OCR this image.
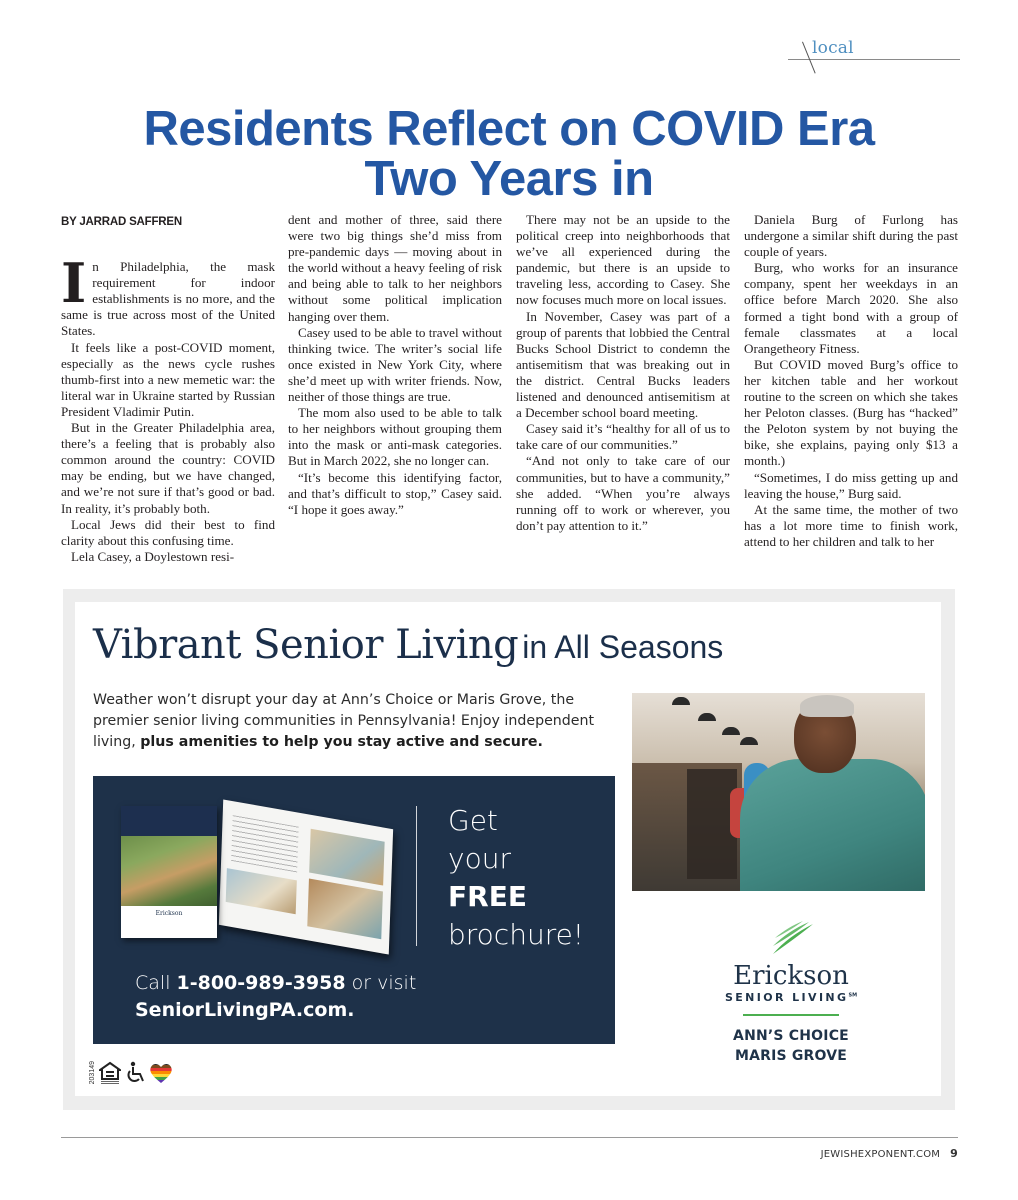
local
Residents Reflect on COVID Era
Two Years in
BY JARRAD SAFFREN

In Philadelphia, the mask requirement for indoor establishments is no more, and the same is true across most of the United States.

It feels like a post-COVID moment, especially as the news cycle rushes thumb-first into a new memetic war: the literal war in Ukraine started by Russian President Vladimir Putin.

But in the Greater Philadelphia area, there’s a feeling that is probably also common around the country: COVID may be ending, but we have changed, and we’re not sure if that’s good or bad. In reality, it’s probably both.

Local Jews did their best to find clarity about this confusing time.

Lela Casey, a Doylestown resi-

dent and mother of three, said there were two big things she’d miss from pre-pandemic days — moving about in the world without a heavy feeling of risk and being able to talk to her neighbors without some political implication hanging over them.

Casey used to be able to travel without thinking twice. The writer’s social life once existed in New York City, where she’d meet up with writer friends. Now, neither of those things are true.

The mom also used to be able to talk to her neighbors without grouping them into the mask or anti-mask categories. But in March 2022, she no longer can.

“It’s become this identifying factor, and that’s difficult to stop,” Casey said. “I hope it goes away.”

There may not be an upside to the political creep into neighborhoods that we’ve all experienced during the pandemic, but there is an upside to traveling less, according to Casey. She now focuses much more on local issues.

In November, Casey was part of a group of parents that lobbied the Central Bucks School District to condemn the antisemitism that was breaking out in the district. Central Bucks leaders listened and denounced antisemitism at a December school board meeting.

Casey said it’s “healthy for all of us to take care of our communities.”

“And not only to take care of our communities, but to have a community,” she added. “When you’re always running off to work or wherever, you don’t pay attention to it.”

Daniela Burg of Furlong has undergone a similar shift during the past couple of years.

Burg, who works for an insurance company, spent her weekdays in an office before March 2020. She also formed a tight bond with a group of female classmates at a local Orangetheory Fitness.

But COVID moved Burg’s office to her kitchen table and her workout routine to the screen on which she takes her Peloton classes. (Burg has “hacked” the Peloton system by not buying the bike, she explains, paying only $13 a month.)

“Sometimes, I do miss getting up and leaving the house,” Burg said.

At the same time, the mother of two has a lot more time to finish work, attend to her children and talk to her

Vibrant Senior Living in All Seasons
Weather won’t disrupt your day at Ann’s Choice or Maris Grove, the premier senior living communities in Pennsylvania! Enjoy independent living, plus amenities to help you stay active and secure.
Erickson
Get
your
FREE
brochure!
Call 1-800-989-3958 or visit
SeniorLivingPA.com.
203149
Erickson
SENIOR LIVING℠
ANN’S CHOICE
MARIS GROVE
JEWISHEXPONENT.COM 9
